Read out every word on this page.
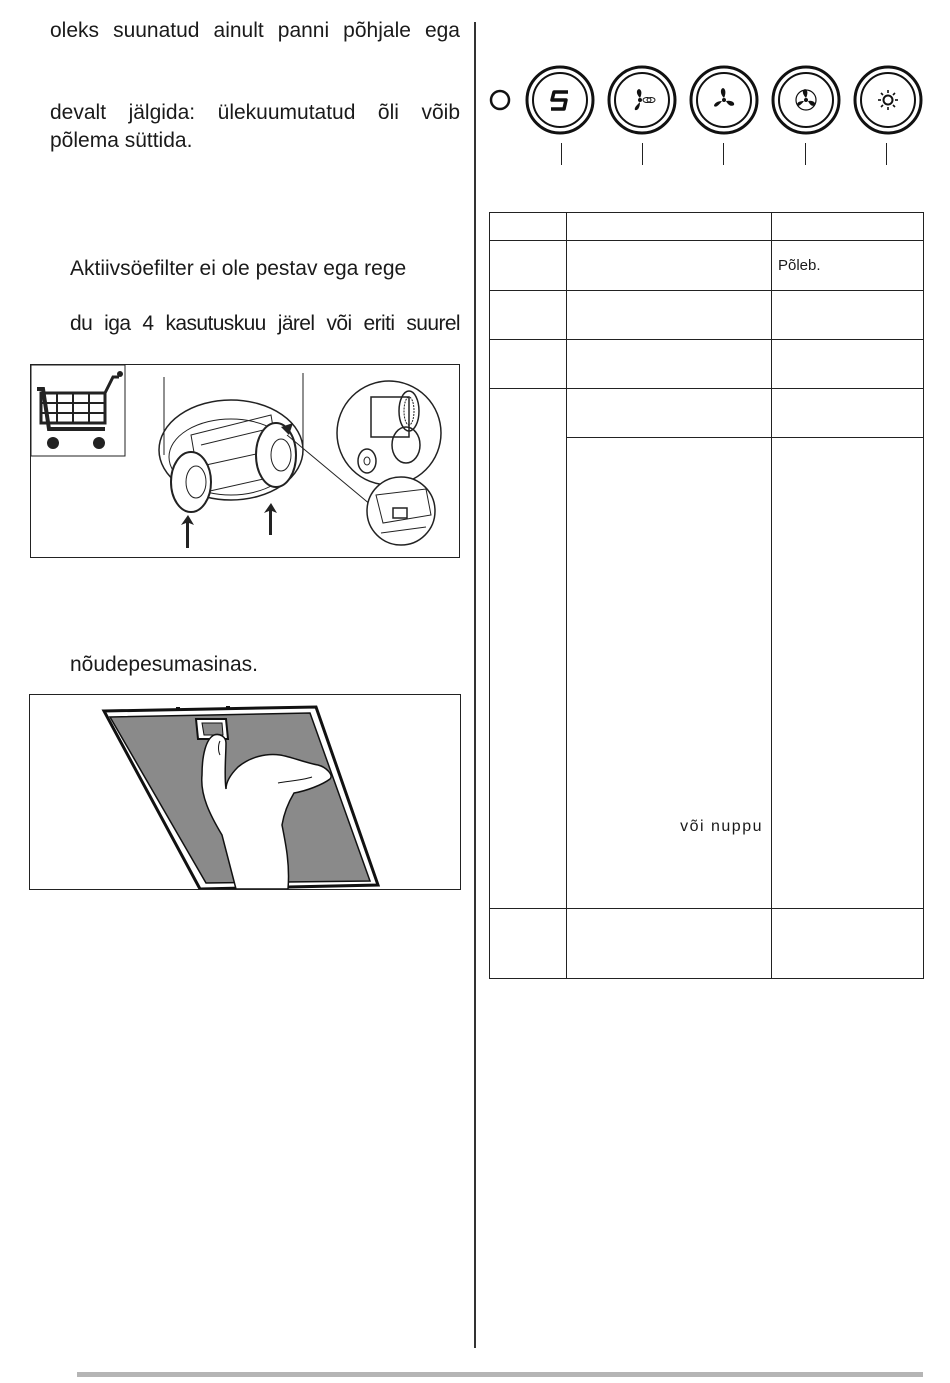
oleks suunatud ainult panni põhjale ega
devalt jälgida: ülekuumutatud õli võib
põlema süttida.
Aktiivsöefilter ei ole pestav ega rege
du iga 4 kasutuskuu järel või eriti suurel
nõudepesumasinas.

		Põleb.

	või nuppu	
